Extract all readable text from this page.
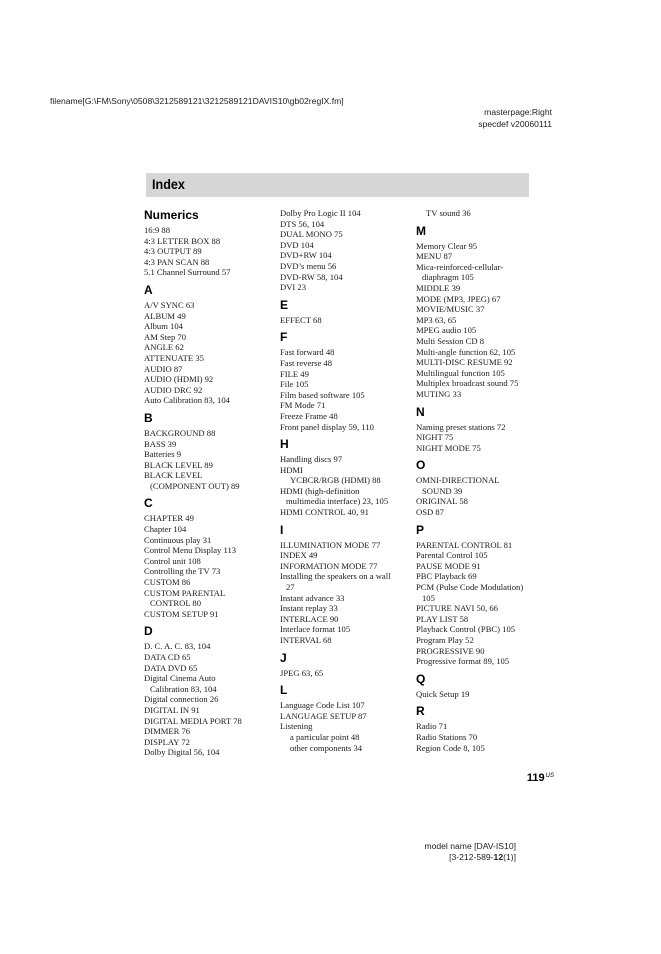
filename[G:\FM\Sony\0508\3212589121\3212589121DAVIS10\gb02regIX.fm]
masterpage:Right
specdef v20060111
Index
Numerics
16:9 88
4:3 LETTER BOX 88
4:3 OUTPUT 89
4:3 PAN SCAN 88
5.1 Channel Surround 57
A
A/V SYNC 63
ALBUM 49
Album 104
AM Step 70
ANGLE 62
ATTENUATE 35
AUDIO 87
AUDIO (HDMI) 92
AUDIO DRC 92
Auto Calibration 83, 104
B
BACKGROUND 88
BASS 39
Batteries 9
BLACK LEVEL 89
BLACK LEVEL
(COMPONENT OUT) 89
C
CHAPTER 49
Chapter 104
Continuous play 31
Control Menu Display 113
Control unit 108
Controlling the TV 73
CUSTOM 86
CUSTOM PARENTAL
CONTROL 80
CUSTOM SETUP 91
D
D. C. A. C. 83, 104
DATA CD 65
DATA DVD 65
Digital Cinema Auto
Calibration 83, 104
Digital connection 26
DIGITAL IN 91
DIGITAL MEDIA PORT 78
DIMMER 76
DISPLAY 72
Dolby Digital 56, 104
Dolby Pro Logic II 104
DTS 56, 104
DUAL MONO 75
DVD 104
DVD+RW 104
DVD’s menu 56
DVD-RW 58, 104
DVI 23
E
EFFECT 68
F
Fast forward 48
Fast reverse 48
FILE 49
File 105
Film based software 105
FM Mode 71
Freeze Frame 48
Front panel display 59, 110
H
Handling discs 97
HDMI
YCBCR/RGB (HDMI) 88
HDMI (high-definition
multimedia interface) 23, 105
HDMI CONTROL 40, 91
I
ILLUMINATION MODE 77
INDEX 49
INFORMATION MODE 77
Installing the speakers on a wall
27
Instant advance 33
Instant replay 33
INTERLACE 90
Interlace format 105
INTERVAL 68
J
JPEG 63, 65
L
Language Code List 107
LANGUAGE SETUP 87
Listening
a particular point 48
other components 34
TV sound 36
M
Memory Clear 95
MENU 87
Mica-reinforced-cellular-
diaphragm 105
MIDDLE 39
MODE (MP3, JPEG) 67
MOVIE/MUSIC 37
MP3 63, 65
MPEG audio 105
Multi Session CD 8
Multi-angle function 62, 105
MULTI-DISC RESUME 92
Multilingual function 105
Multiplex broadcast sound 75
MUTING 33
N
Naming preset stations 72
NIGHT 75
NIGHT MODE 75
O
OMNI-DIRECTIONAL
SOUND 39
ORIGINAL 58
OSD 87
P
PARENTAL CONTROL 81
Parental Control 105
PAUSE MODE 91
PBC Playback 69
PCM (Pulse Code Modulation)
105
PICTURE NAVI 50, 66
PLAY LIST 58
Playback Control (PBC) 105
Program Play 52
PROGRESSIVE 90
Progressive format 89, 105
Q
Quick Setup 19
R
Radio 71
Radio Stations 70
Region Code 8, 105
$119^{US}$
model name [DAV-IS10]
[3-212-589-12(1)]
